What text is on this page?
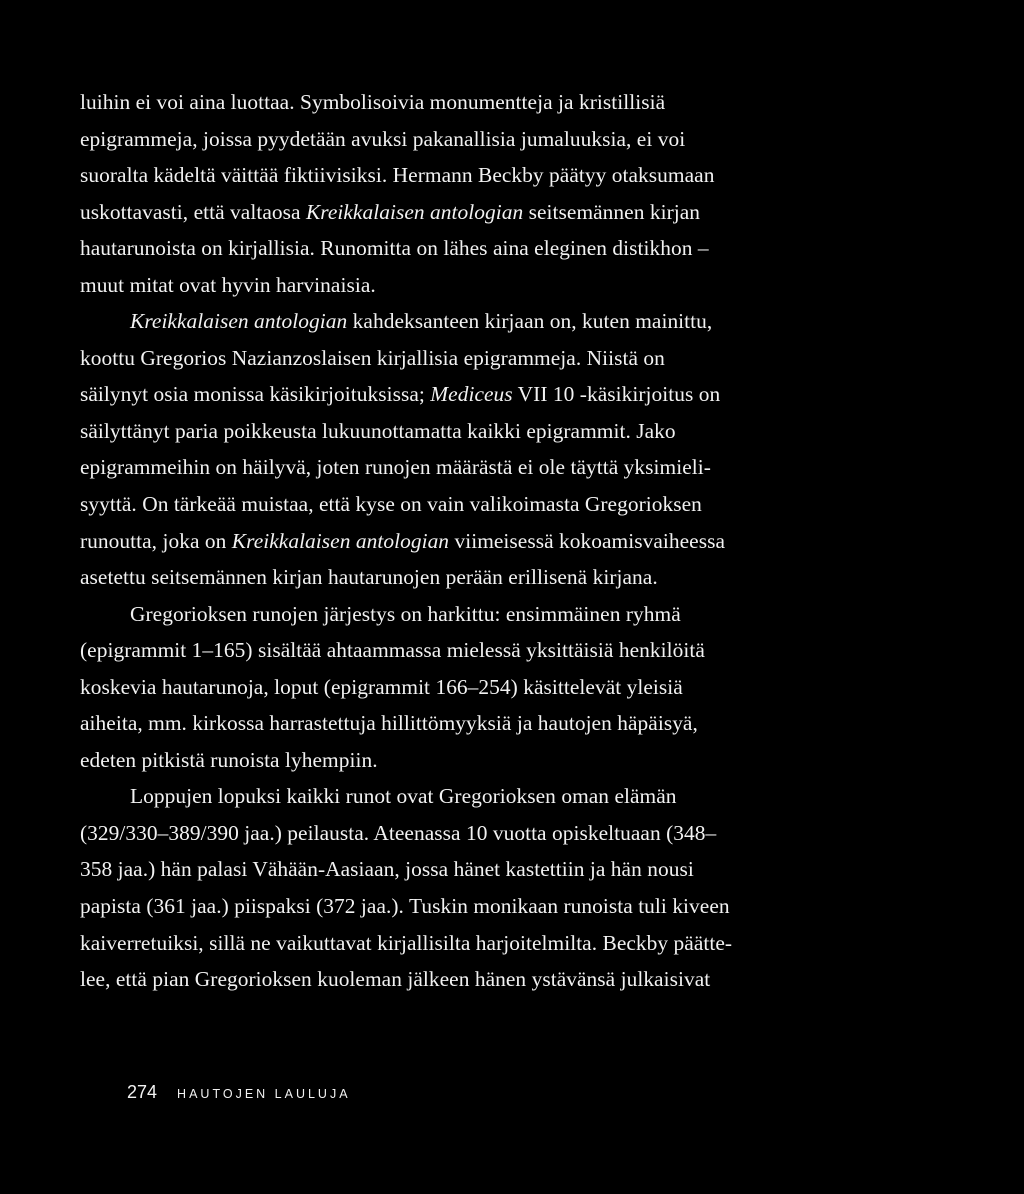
luihin ei voi aina luottaa. Symbolisoivia monumentteja ja kristillisiä
epigrammeja, joissa pyydetään avuksi pakanallisia jumaluuksia, ei voi
suoralta kädeltä väittää fiktiivisiksi. Hermann Beckby päätyy otaksumaan
uskottavasti, että valtaosa Kreikkalaisen antologian seitsemännen kirjan
hautarunoista on kirjallisia. Runomitta on lähes aina eleginen distikhon –
muut mitat ovat hyvin harvinaisia.
Kreikkalaisen antologian kahdeksanteen kirjaan on, kuten mainittu,
koottu Gregorios Nazianzoslaisen kirjallisia epigrammeja. Niistä on
säilynyt osia monissa käsikirjoituksissa; Mediceus VII 10 -käsikirjoitus on
säilyttänyt paria poikkeusta lukuunottamatta kaikki epigrammit. Jako
epigrammeihin on häilyvä, joten runojen määrästä ei ole täyttä yksimieli-
syyttä. On tärkeää muistaa, että kyse on vain valikoimasta Gregorioksen
runoutta, joka on Kreikkalaisen antologian viimeisessä kokoamisvaiheessa
asetettu seitsemännen kirjan hautarunojen perään erillisenä kirjana.
Gregorioksen runojen järjestys on harkittu: ensimmäinen ryhmä
(epigrammit 1–165) sisältää ahtaammassa mielessä yksittäisiä henkilöitä
koskevia hautarunoja, loput (epigrammit 166–254) käsittelevät yleisiä
aiheita, mm. kirkossa harrastettuja hillittömyyksiä ja hautojen häpäisyä,
edeten pitkistä runoista lyhempiin.
Loppujen lopuksi kaikki runot ovat Gregorioksen oman elämän
(329/330–389/390 jaa.) peilausta. Ateenassa 10 vuotta opiskeltuaan (348–
358 jaa.) hän palasi Vähään-Aasiaan, jossa hänet kastettiin ja hän nousi
papista (361 jaa.) piispaksi (372 jaa.). Tuskin monikaan runoista tuli kiveen
kaiverretuiksi, sillä ne vaikuttavat kirjallisilta harjoitelmilta. Beckby päätte-
lee, että pian Gregorioksen kuoleman jälkeen hänen ystävänsä julkaisivat
274 HAUTOJEN LAULUJA
